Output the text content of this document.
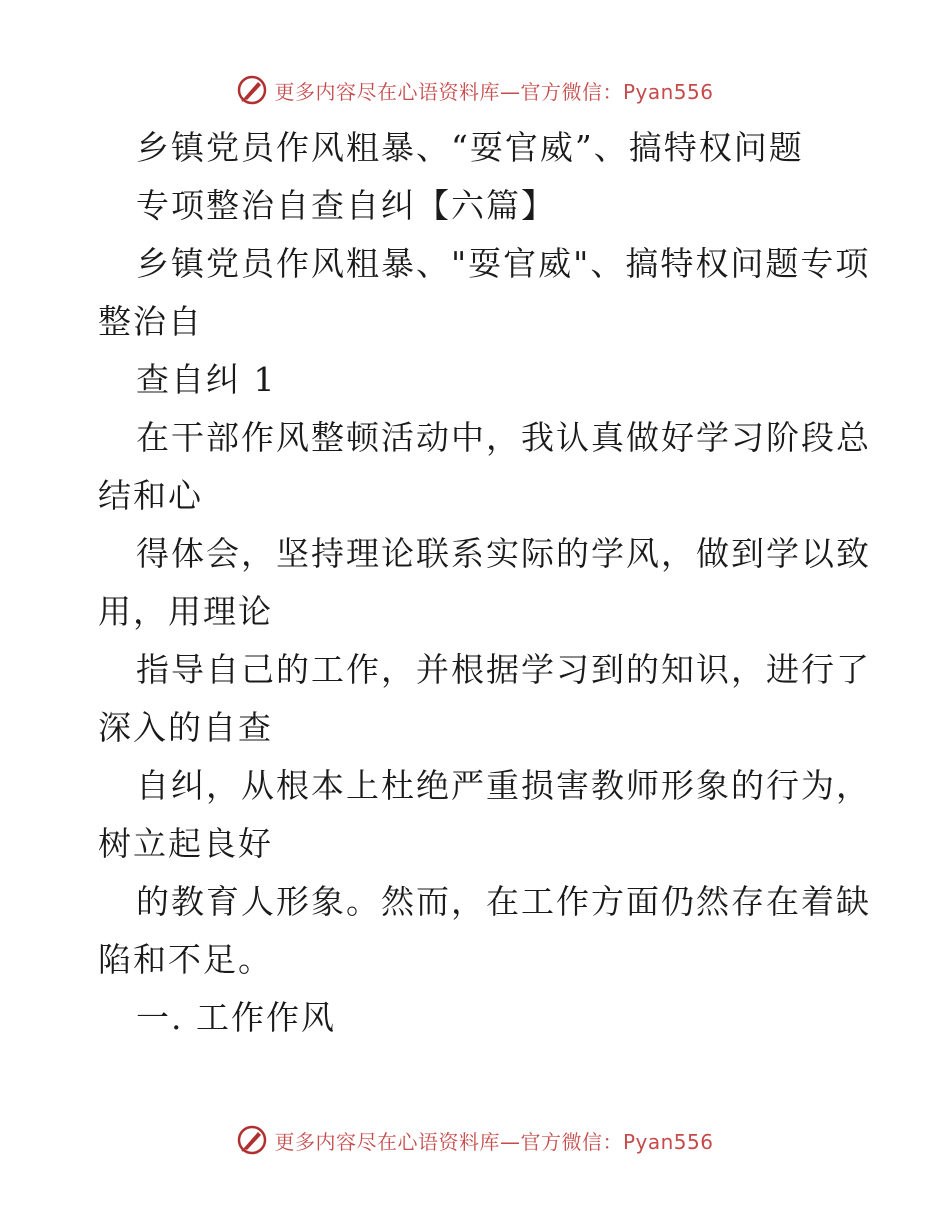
更多内容尽在心语资料库—官方微信：Pyan556
乡镇党员作风粗暴、“耍官威”、搞特权问题
专项整治自查自纠【六篇】
乡镇党员作风粗暴、"耍官威"、搞特权问题专项
整治自
查自纠 1
在干部作风整顿活动中，我认真做好学习阶段总
结和心
得体会，坚持理论联系实际的学风，做到学以致
用，用理论
指导自己的工作，并根据学习到的知识，进行了
深入的自查
自纠，从根本上杜绝严重损害教师形象的行为，
树立起良好
的教育人形象。然而，在工作方面仍然存在着缺
陷和不足。
一. 工作作风
更多内容尽在心语资料库—官方微信：Pyan556
